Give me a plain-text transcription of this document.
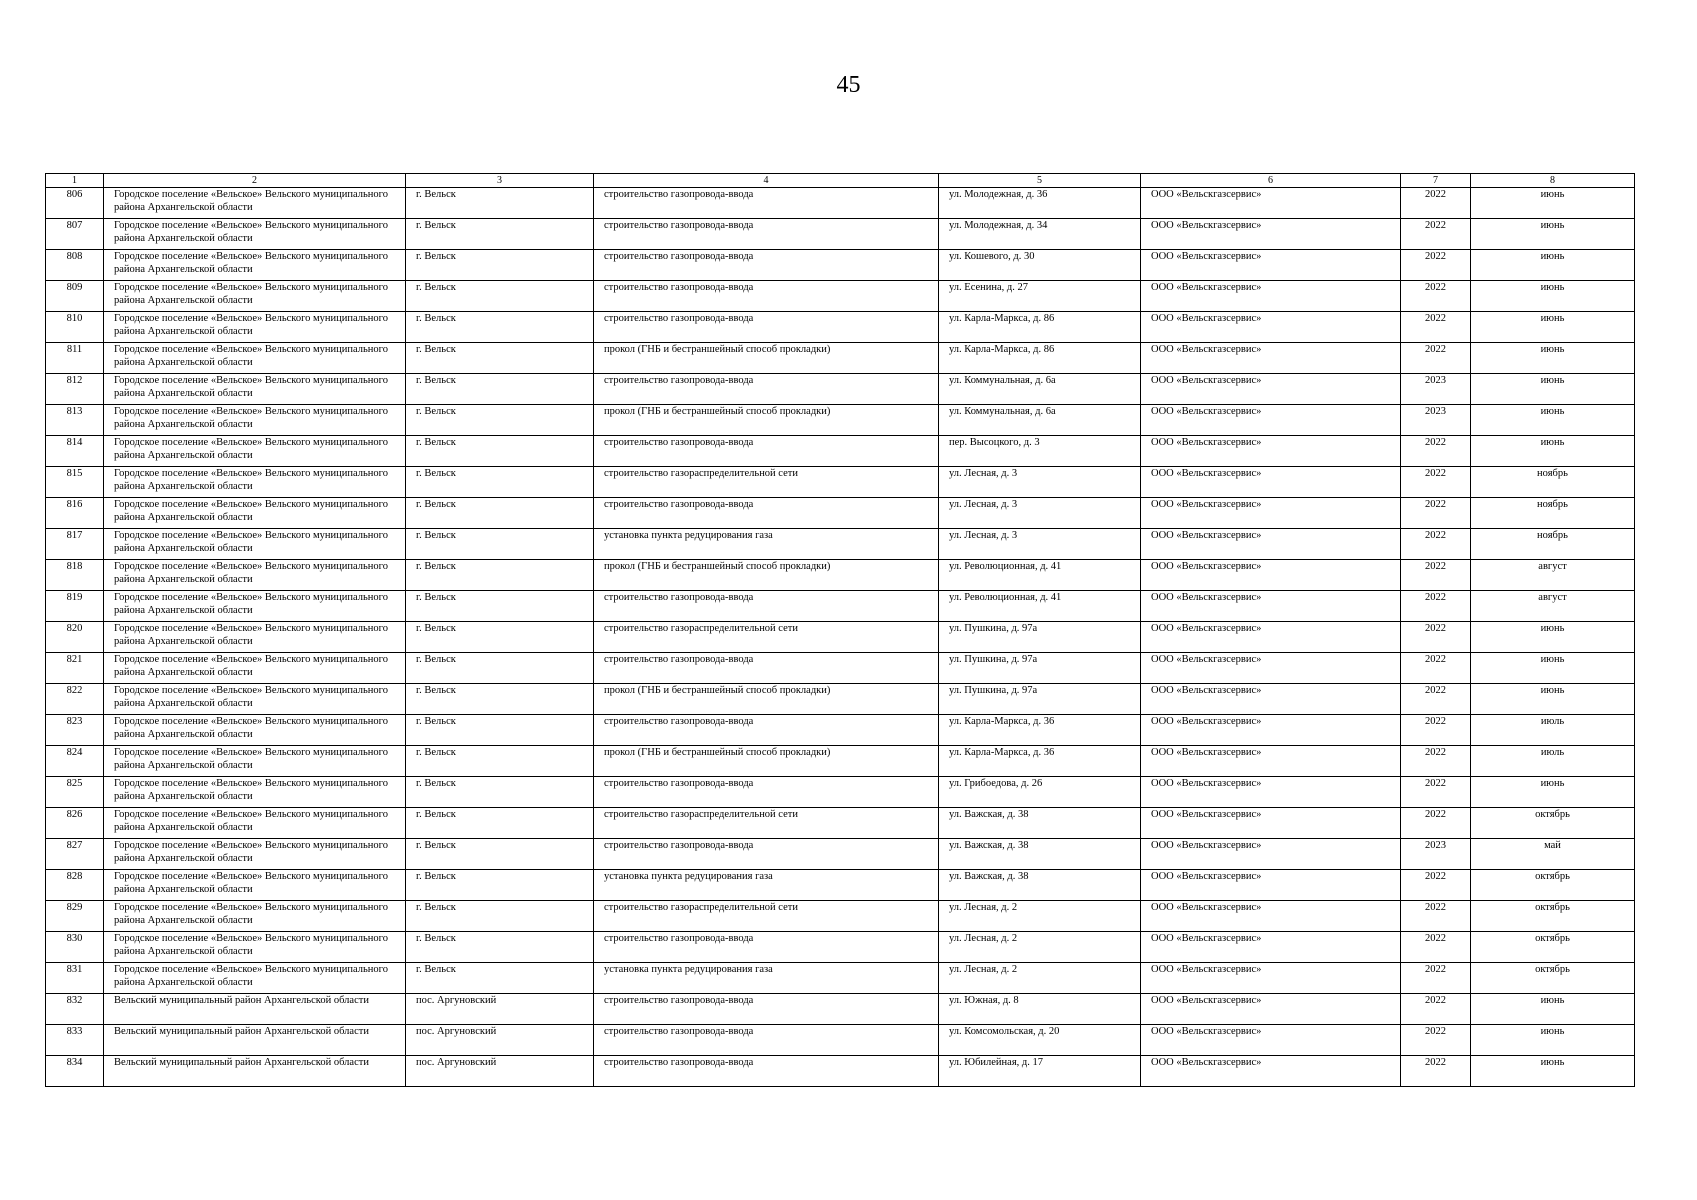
45
1	2	3	4	5	6	7	8
806	Городское поселение «Вельское» Вельского муниципального района Архангельской области	г. Вельск	строительство газопровода-ввода	ул. Молодежная, д. 36	ООО «Вельскгазсервис»	2022	июнь
807	Городское поселение «Вельское» Вельского муниципального района Архангельской области	г. Вельск	строительство газопровода-ввода	ул. Молодежная, д. 34	ООО «Вельскгазсервис»	2022	июнь
808	Городское поселение «Вельское» Вельского муниципального района Архангельской области	г. Вельск	строительство газопровода-ввода	ул. Кошевого, д. 30	ООО «Вельскгазсервис»	2022	июнь
809	Городское поселение «Вельское» Вельского муниципального района Архангельской области	г. Вельск	строительство газопровода-ввода	ул. Есенина, д. 27	ООО «Вельскгазсервис»	2022	июнь
810	Городское поселение «Вельское» Вельского муниципального района Архангельской области	г. Вельск	строительство газопровода-ввода	ул. Карла-Маркса, д. 86	ООО «Вельскгазсервис»	2022	июнь
811	Городское поселение «Вельское» Вельского муниципального района Архангельской области	г. Вельск	прокол (ГНБ и бестраншейный способ прокладки)	ул. Карла-Маркса, д. 86	ООО «Вельскгазсервис»	2022	июнь
812	Городское поселение «Вельское» Вельского муниципального района Архангельской области	г. Вельск	строительство газопровода-ввода	ул. Коммунальная, д. 6а	ООО «Вельскгазсервис»	2023	июнь
813	Городское поселение «Вельское» Вельского муниципального района Архангельской области	г. Вельск	прокол (ГНБ и бестраншейный способ прокладки)	ул. Коммунальная, д. 6а	ООО «Вельскгазсервис»	2023	июнь
814	Городское поселение «Вельское» Вельского муниципального района Архангельской области	г. Вельск	строительство газопровода-ввода	пер. Высоцкого, д. 3	ООО «Вельскгазсервис»	2022	июнь
815	Городское поселение «Вельское» Вельского муниципального района Архангельской области	г. Вельск	строительство газораспределительной сети	ул. Лесная, д. 3	ООО «Вельскгазсервис»	2022	ноябрь
816	Городское поселение «Вельское» Вельского муниципального района Архангельской области	г. Вельск	строительство газопровода-ввода	ул. Лесная, д. 3	ООО «Вельскгазсервис»	2022	ноябрь
817	Городское поселение «Вельское» Вельского муниципального района Архангельской области	г. Вельск	установка пункта редуцирования газа	ул. Лесная, д. 3	ООО «Вельскгазсервис»	2022	ноябрь
818	Городское поселение «Вельское» Вельского муниципального района Архангельской области	г. Вельск	прокол (ГНБ и бестраншейный способ прокладки)	ул. Революционная, д. 41	ООО «Вельскгазсервис»	2022	август
819	Городское поселение «Вельское» Вельского муниципального района Архангельской области	г. Вельск	строительство газопровода-ввода	ул. Революционная, д. 41	ООО «Вельскгазсервис»	2022	август
820	Городское поселение «Вельское» Вельского муниципального района Архангельской области	г. Вельск	строительство газораспределительной сети	ул. Пушкина, д. 97а	ООО «Вельскгазсервис»	2022	июнь
821	Городское поселение «Вельское» Вельского муниципального района Архангельской области	г. Вельск	строительство газопровода-ввода	ул. Пушкина, д. 97а	ООО «Вельскгазсервис»	2022	июнь
822	Городское поселение «Вельское» Вельского муниципального района Архангельской области	г. Вельск	прокол (ГНБ и бестраншейный способ прокладки)	ул. Пушкина, д. 97а	ООО «Вельскгазсервис»	2022	июнь
823	Городское поселение «Вельское» Вельского муниципального района Архангельской области	г. Вельск	строительство газопровода-ввода	ул. Карла-Маркса, д. 36	ООО «Вельскгазсервис»	2022	июль
824	Городское поселение «Вельское» Вельского муниципального района Архангельской области	г. Вельск	прокол (ГНБ и бестраншейный способ прокладки)	ул. Карла-Маркса, д. 36	ООО «Вельскгазсервис»	2022	июль
825	Городское поселение «Вельское» Вельского муниципального района Архангельской области	г. Вельск	строительство газопровода-ввода	ул. Грибоедова, д. 26	ООО «Вельскгазсервис»	2022	июнь
826	Городское поселение «Вельское» Вельского муниципального района Архангельской области	г. Вельск	строительство газораспределительной сети	ул. Важская, д. 38	ООО «Вельскгазсервис»	2022	октябрь
827	Городское поселение «Вельское» Вельского муниципального района Архангельской области	г. Вельск	строительство газопровода-ввода	ул. Важская, д. 38	ООО «Вельскгазсервис»	2023	май
828	Городское поселение «Вельское» Вельского муниципального района Архангельской области	г. Вельск	установка пункта редуцирования газа	ул. Важская, д. 38	ООО «Вельскгазсервис»	2022	октябрь
829	Городское поселение «Вельское» Вельского муниципального района Архангельской области	г. Вельск	строительство газораспределительной сети	ул. Лесная, д. 2	ООО «Вельскгазсервис»	2022	октябрь
830	Городское поселение «Вельское» Вельского муниципального района Архангельской области	г. Вельск	строительство газопровода-ввода	ул. Лесная, д. 2	ООО «Вельскгазсервис»	2022	октябрь
831	Городское поселение «Вельское» Вельского муниципального района Архангельской области	г. Вельск	установка пункта редуцирования газа	ул. Лесная, д. 2	ООО «Вельскгазсервис»	2022	октябрь
832	Вельский муниципальный район Архангельской области	пос. Аргуновский	строительство газопровода-ввода	ул. Южная, д. 8	ООО «Вельскгазсервис»	2022	июнь
833	Вельский муниципальный район Архангельской области	пос. Аргуновский	строительство газопровода-ввода	ул. Комсомольская, д. 20	ООО «Вельскгазсервис»	2022	июнь
834	Вельский муниципальный район Архангельской области	пос. Аргуновский	строительство газопровода-ввода	ул. Юбилейная, д. 17	ООО «Вельскгазсервис»	2022	июнь
